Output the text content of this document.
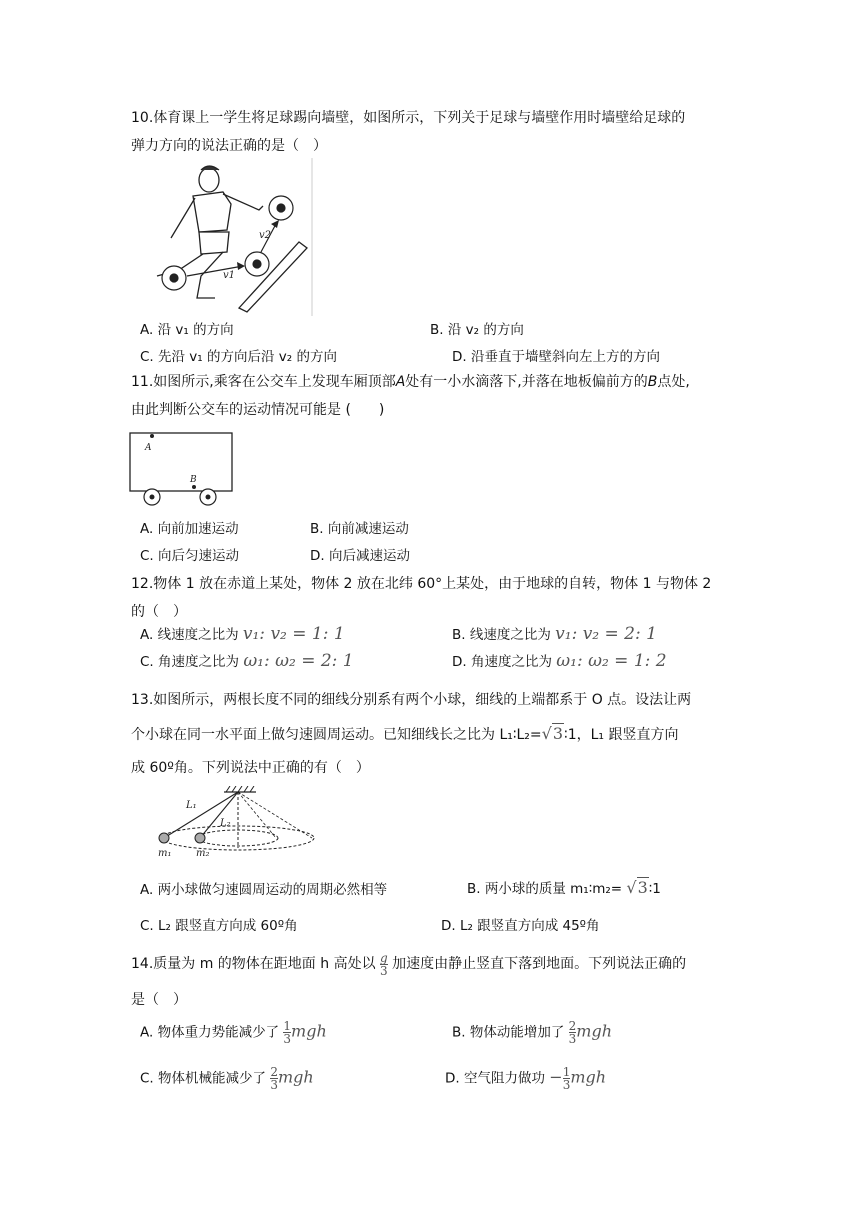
10.体育课上一学生将足球踢向墙壁，如图所示，下列关于足球与墙壁作用时墙壁给足球的
弹力方向的说法正确的是（　）
v1
v2
A. 沿 v₁ 的方向	B. 沿 v₂ 的方向
C. 先沿 v₁ 的方向后沿 v₂ 的方向	D. 沿垂直于墙壁斜向左上方的方向
11.如图所示,乘客在公交车上发现车厢顶部A处有一小水滴落下,并落在地板偏前方的B点处,
由此判断公交车的运动情况可能是 (　　)
A
B
A. 向前加速运动	B. 向前减速运动
C. 向后匀速运动	D. 向后减速运动
12.物体 1 放在赤道上某处，物体 2 放在北纬 60°上某处，由于地球的自转，物体 1 与物体 2
的（　）
A. 线速度之比为 v₁: v₂ = 1: 1	B. 线速度之比为 v₁: v₂ = 2: 1
C. 角速度之比为 ω₁: ω₂ = 2: 1	D. 角速度之比为 ω₁: ω₂ = 1: 2
13.如图所示，两根长度不同的细线分别系有两个小球，细线的上端都系于 O 点。设法让两
个小球在同一水平面上做匀速圆周运动。已知细线长之比为 L₁∶L₂=√3∶1，L₁ 跟竖直方向
成 60º角。下列说法中正确的有（　）
L₁
L₂
m₁ m₂
A. 两小球做匀速圆周运动的周期必然相等	B. 两小球的质量 m₁∶m₂= √3∶1
C. L₂ 跟竖直方向成 60º角	D. L₂ 跟竖直方向成 45º角
14.质量为 m 的物体在距地面 h 高处以 $\frac{g}{3}$ 加速度由静止竖直下落到地面。下列说法正确的
是（　）
A. 物体重力势能减少了 $\frac{1}{3}$ mgh	B. 物体动能增加了 $\frac{2}{3}$ mgh
C. 物体机械能减少了 $\frac{2}{3}$ mgh	D. 空气阻力做功 − $\frac{1}{3}$ mgh
